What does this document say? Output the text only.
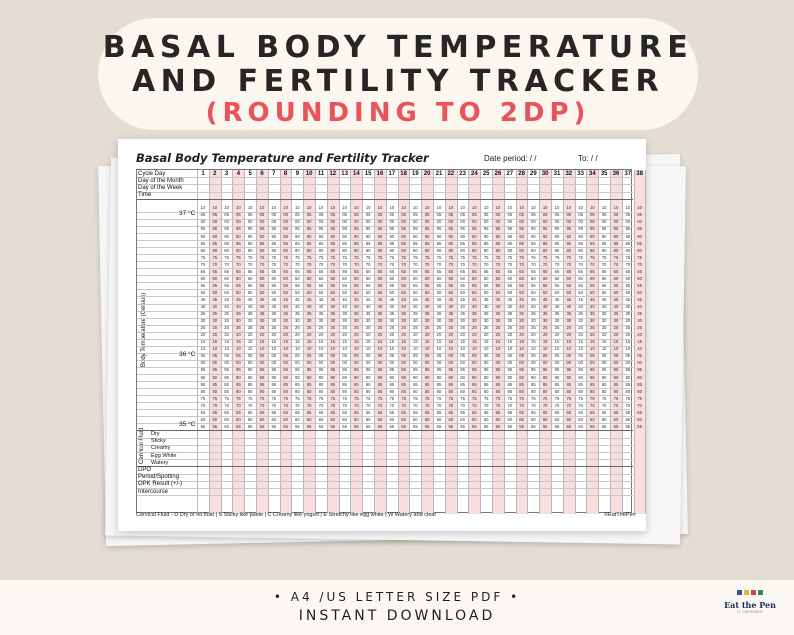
BASAL BODY TEMPERATURE
AND FERTILITY TRACKER
(ROUNDING TO 2DP)
Basal Body Temperature and Fertility Tracker	Date period: / /	To: / /
Body Temperature (Celsius)
Cervical Fluid
Cycle Day
Day of the Month
Day of the Week
Time
1	2	3	4	5	6	7	8	9	10 11 12 13 14 15 16 17 18 19 20 21 22 23 24 25 26 27 28 29 30 31 32 33 34 35 36 37 38
10	10	10	10	10	10	10	10	10	10	10	10	10	10	10	10	10	10	10	10	10	10	10	10	10	10	10	10	10	10	10	10	10	10	10	10	10	10
05	05	05	05	05	05	05	05	05	05	05	05	05	05	05	05	05	05	05	05	05	05	05	05	05	05	05	05	05	05	05	05	05	05	05	05	05	05
00	00	00	00	00	00	00	00	00	00	00	00	00	00	00	00	00	00	00	00	00	00	00	00	00	00	00	00	00	00	00	00	00	00	00	00	00	00
95	95	95	95	95	95	95	95	95	95	95	95	95	95	95	95	95	95	95	95	95	95	95	95	95	95	95	95	95	95	95	95	95	95	95	95	95	95
90	90	90	90	90	90	90	90	90	90	90	90	90	90	90	90	90	90	90	90	90	90	90	90	90	90	90	90	90	90	90	90	90	90	90	90	90	90
85	85	85	85	85	85	85	85	85	85	85	85	85	85	85	85	85	85	85	85	85	85	85	85	85	85	85	85	85	85	85	85	85	85	85	85	85	85
80	80	80	80	80	80	80	80	80	80	80	80	80	80	80	80	80	80	80	80	80	80	80	80	80	80	80	80	80	80	80	80	80	80	80	80	80	80
75	75	75	75	75	75	75	75	75	75	75	75	75	75	75	75	75	75	75	75	75	75	75	75	75	75	75	75	75	75	75	75	75	75	75	75	75	75
70	70	70	70	70	70	70	70	70	70	70	70	70	70	70	70	70	70	70	70	70	70	70	70	70	70	70	70	70	70	70	70	70	70	70	70	70	70
65	65	65	65	65	65	65	65	65	65	65	65	65	65	65	65	65	65	65	65	65	65	65	65	65	65	65	65	65	65	65	65	65	65	65	65	65	65
60	60	60	60	60	60	60	60	60	60	60	60	60	60	60	60	60	60	60	60	60	60	60	60	60	60	60	60	60	60	60	60	60	60	60	60	60	60
55	55	55	55	55	55	55	55	55	55	55	55	55	55	55	55	55	55	55	55	55	55	55	55	55	55	55	55	55	55	55	55	55	55	55	55	55	55
50	50	50	50	50	50	50	50	50	50	50	50	50	50	50	50	50	50	50	50	50	50	50	50	50	50	50	50	50	50	50	50	50	50	50	50	50	50
45	45	45	45	45	45	45	45	45	45	45	45	45	45	45	45	45	45	45	45	45	45	45	45	45	45	45	45	45	45	45	45	45	45	45	45	45	45
40	40	40	40	40	40	40	40	40	40	40	40	40	40	40	40	40	40	40	40	40	40	40	40	40	40	40	40	40	40	40	40	40	40	40	40	40	40
35	35	35	35	35	35	35	35	35	35	35	35	35	35	35	35	35	35	35	35	35	35	35	35	35	35	35	35	35	35	35	35	35	35	35	35	35	35
30	30	30	30	30	30	30	30	30	30	30	30	30	30	30	30	30	30	30	30	30	30	30	30	30	30	30	30	30	30	30	30	30	30	30	30	30	30
25	25	25	25	25	25	25	25	25	25	25	25	25	25	25	25	25	25	25	25	25	25	25	25	25	25	25	25	25	25	25	25	25	25	25	25	25	25
20	20	20	20	20	20	20	20	20	20	20	20	20	20	20	20	20	20	20	20	20	20	20	20	20	20	20	20	20	20	20	20	20	20	20	20	20	20
15	15	15	15	15	15	15	15	15	15	15	15	15	15	15	15	15	15	15	15	15	15	15	15	15	15	15	15	15	15	15	15	15	15	15	15	15	15
10	10	10	10	10	10	10	10	10	10	10	10	10	10	10	10	10	10	10	10	10	10	10	10	10	10	10	10	10	10	10	10	10	10	10	10	10	10
05	05	05	05	05	05	05	05	05	05	05	05	05	05	05	05	05	05	05	05	05	05	05	05	05	05	05	05	05	05	05	05	05	05	05	05	05	05
00	00	00	00	00	00	00	00	00	00	00	00	00	00	00	00	00	00	00	00	00	00	00	00	00	00	00	00	00	00	00	00	00	00	00	00	00	00
95	95	95	95	95	95	95	95	95	95	95	95	95	95	95	95	95	95	95	95	95	95	95	95	95	95	95	95	95	95	95	95	95	95	95	95	95	95
90	90	90	90	90	90	90	90	90	90	90	90	90	90	90	90	90	90	90	90	90	90	90	90	90	90	90	90	90	90	90	90	90	90	90	90	90	90
85	85	85	85	85	85	85	85	85	85	85	85	85	85	85	85	85	85	85	85	85	85	85	85	85	85	85	85	85	85	85	85	85	85	85	85	85	85
80	80	80	80	80	80	80	80	80	80	80	80	80	80	80	80	80	80	80	80	80	80	80	80	80	80	80	80	80	80	80	80	80	80	80	80	80	80
75	75	75	75	75	75	75	75	75	75	75	75	75	75	75	75	75	75	75	75	75	75	75	75	75	75	75	75	75	75	75	75	75	75	75	75	75	75
70	70	70	70	70	70	70	70	70	70	70	70	70	70	70	70	70	70	70	70	70	70	70	70	70	70	70	70	70	70	70	70	70	70	70	70	70	70
65	65	65	65	65	65	65	65	65	65	65	65	65	65	65	65	65	65	65	65	65	65	65	65	65	65	65	65	65	65	65	65	65	65	65	65	65	65
60	60	60	60	60	60	60	60	60	60	60	60	60	60	60	60	60	60	60	60	60	60	60	60	60	60	60	60	60	60	60	60	60	60	60	60	60	60
55	55	55	55	55	55	55	55	55	55	55	55	55	55	55	55	55	55	55	55	55	55	55	55	55	55	55	55	55	55	55	55	55	55	55	55	55	55
37 °C
36 °C
35 °C
Dry
Sticky
Creamy
Egg White
Watery
DPO
Period/Spotting
OPK Result (+/-)
Intercourse
Cervical Fluid - D Dry or no fluid | S Sticky like paste | C Creamy like yogurt | E Stretchy like egg white | W Watery and clear	©EatThePen
• A4 /US LETTER SIZE PDF •
INSTANT DOWNLOAD
Eat the Pen
IT DEPENDS
